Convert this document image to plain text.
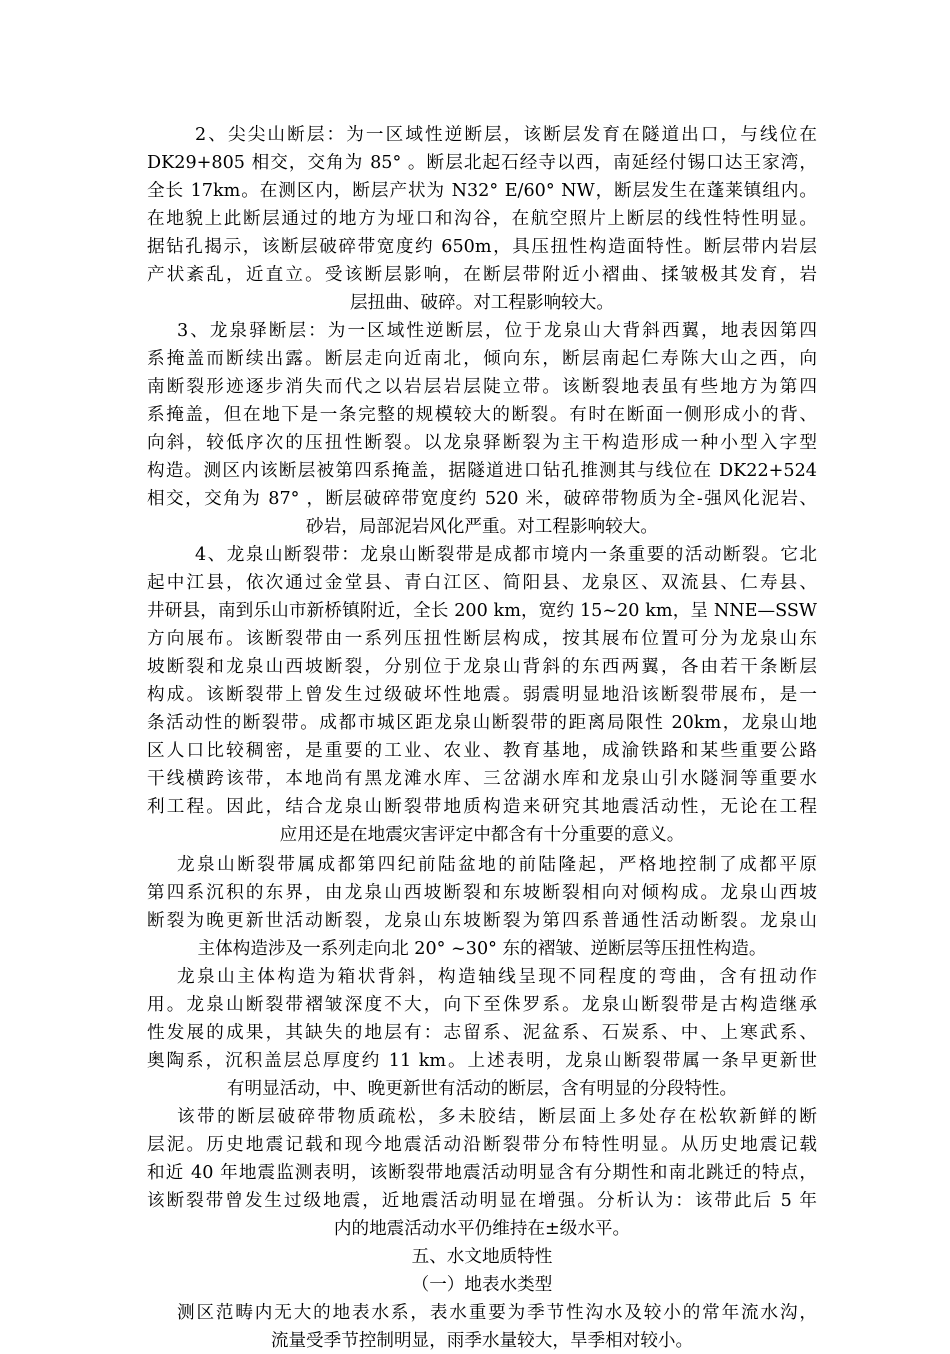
2、尖尖山断层：为一区域性逆断层，该断层发育在隧道出口，与线位在
DK29+805 相交，交角为 85° 。断层北起石经寺以西，南延经付锡口达王家湾，
全长 17km。在测区内，断层产状为 N32° E/60° NW，断层发生在蓬莱镇组内。
在地貌上此断层通过的地方为垭口和沟谷，在航空照片上断层的线性特性明显。
据钻孔揭示，该断层破碎带宽度约 650m，具压扭性构造面特性。断层带内岩层
产状紊乱，近直立。受该断层影响，在断层带附近小褶曲、揉皱极其发育，岩
层扭曲、破碎。对工程影响较大。
3、龙泉驿断层：为一区域性逆断层，位于龙泉山大背斜西翼，地表因第四
系掩盖而断续出露。断层走向近南北，倾向东，断层南起仁寿陈大山之西，向
南断裂形迹逐步消失而代之以岩层岩层陡立带。该断裂地表虽有些地方为第四
系掩盖，但在地下是一条完整的规模较大的断裂。有时在断面一侧形成小的背、
向斜，较低序次的压扭性断裂。以龙泉驿断裂为主干构造形成一种小型入字型
构造。测区内该断层被第四系掩盖，据隧道进口钻孔推测其与线位在 DK22+524
相交，交角为 87° ，断层破碎带宽度约 520 米，破碎带物质为全-强风化泥岩、
砂岩，局部泥岩风化严重。对工程影响较大。
4、龙泉山断裂带：龙泉山断裂带是成都市境内一条重要的活动断裂。它北
起中江县，依次通过金堂县、青白江区、简阳县、龙泉区、双流县、仁寿县、
井研县，南到乐山市新桥镇附近，全长 200 km，宽约 15~20 km，呈 NNE—SSW
方向展布。该断裂带由一系列压扭性断层构成，按其展布位置可分为龙泉山东
坡断裂和龙泉山西坡断裂，分别位于龙泉山背斜的东西两翼，各由若干条断层
构成。该断裂带上曾发生过级破坏性地震。弱震明显地沿该断裂带展布，是一
条活动性的断裂带。成都市城区距龙泉山断裂带的距离局限性 20km，龙泉山地
区人口比较稠密，是重要的工业、农业、教育基地，成渝铁路和某些重要公路
干线横跨该带，本地尚有黑龙滩水库、三岔湖水库和龙泉山引水隧洞等重要水
利工程。因此，结合龙泉山断裂带地质构造来研究其地震活动性，无论在工程
应用还是在地震灾害评定中都含有十分重要的意义。
龙泉山断裂带属成都第四纪前陆盆地的前陆隆起，严格地控制了成都平原
第四系沉积的东界，由龙泉山西坡断裂和东坡断裂相向对倾构成。龙泉山西坡
断裂为晚更新世活动断裂，龙泉山东坡断裂为第四系普通性活动断裂。龙泉山
主体构造涉及一系列走向北 20° ~30° 东的褶皱、逆断层等压扭性构造。
龙泉山主体构造为箱状背斜，构造轴线呈现不同程度的弯曲，含有扭动作
用。龙泉山断裂带褶皱深度不大，向下至侏罗系。龙泉山断裂带是古构造继承
性发展的成果，其缺失的地层有：志留系、泥盆系、石炭系、中、上寒武系、
奥陶系，沉积盖层总厚度约 11 km。上述表明，龙泉山断裂带属一条早更新世
有明显活动，中、晚更新世有活动的断层，含有明显的分段特性。
该带的断层破碎带物质疏松，多未胶结，断层面上多处存在松软新鲜的断
层泥。历史地震记载和现今地震活动沿断裂带分布特性明显。从历史地震记载
和近 40 年地震监测表明，该断裂带地震活动明显含有分期性和南北跳迁的特点，
该断裂带曾发生过级地震，近地震活动明显在增强。分析认为：该带此后 5 年
内的地震活动水平仍维持在±级水平。
五、水文地质特性
（一）地表水类型
测区范畴内无大的地表水系，表水重要为季节性沟水及较小的常年流水沟，
流量受季节控制明显，雨季水量较大，旱季相对较小。
